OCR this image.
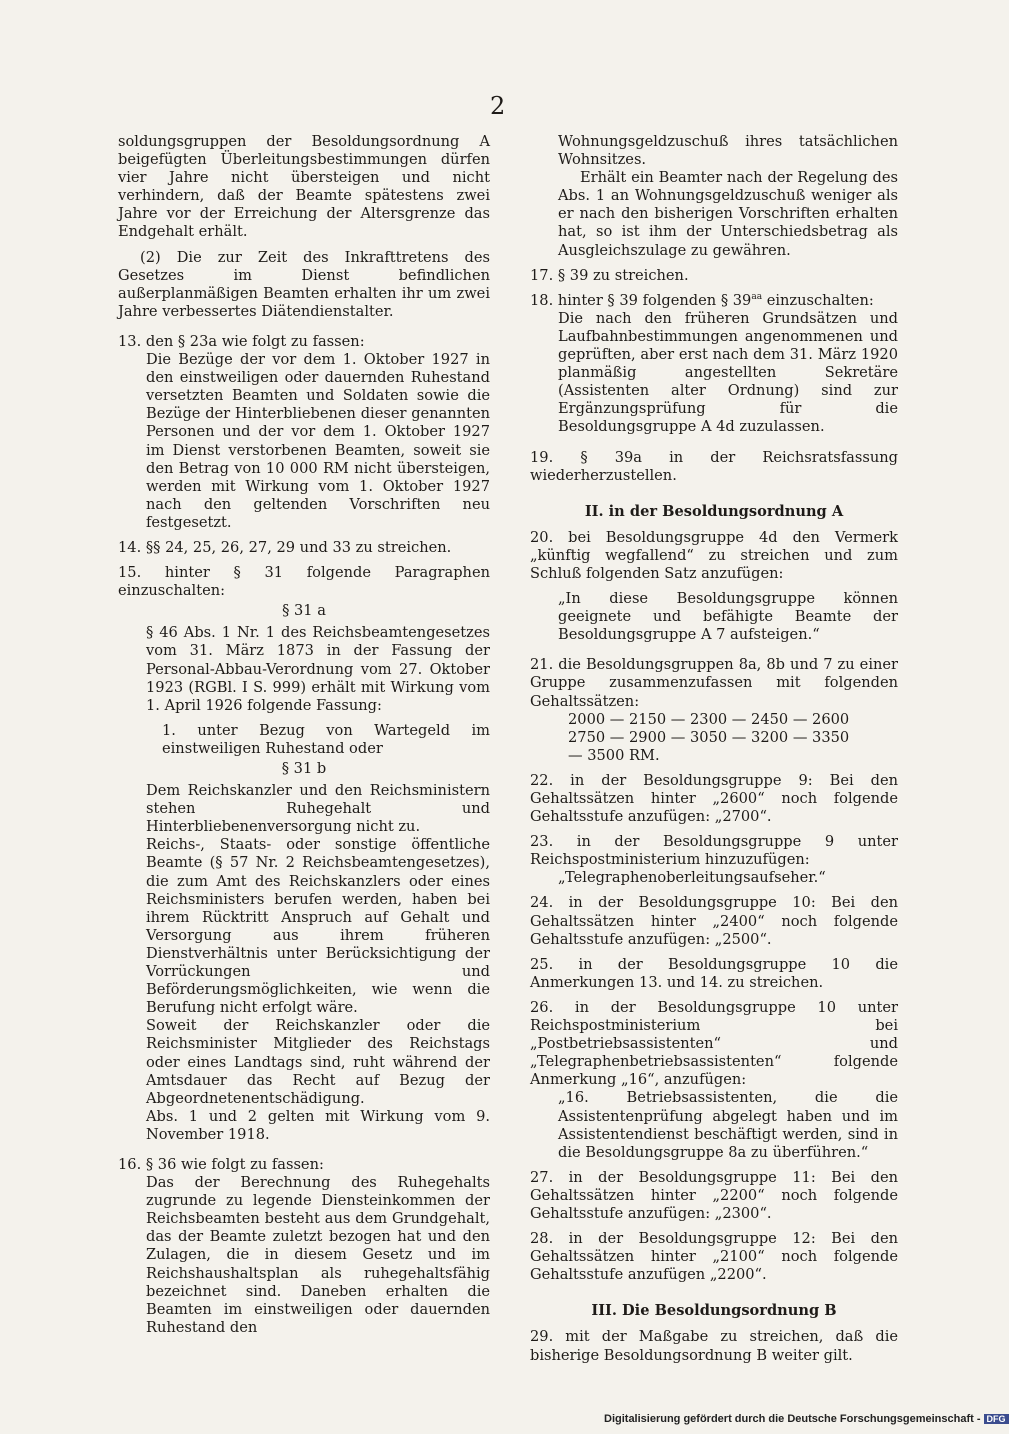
2
soldungsgruppen der Besoldungsordnung A beigefügten Überleitungsbestimmungen dürfen vier Jahre nicht übersteigen und nicht verhindern, daß der Beamte spätestens zwei Jahre vor der Erreichung der Altersgrenze das Endgehalt erhält.
(2) Die zur Zeit des Inkrafttretens des Gesetzes im Dienst befindlichen außerplanmäßigen Beamten erhalten ihr um zwei Jahre verbessertes Diätendienstalter.
13. den § 23a wie folgt zu fassen:
Die Bezüge der vor dem 1. Oktober 1927 in den einstweiligen oder dauernden Ruhestand versetzten Beamten und Soldaten sowie die Bezüge der Hinterbliebenen dieser genannten Personen und der vor dem 1. Oktober 1927 im Dienst verstorbenen Beamten, soweit sie den Betrag von 10 000 RM nicht übersteigen, werden mit Wirkung vom 1. Oktober 1927 nach den geltenden Vorschriften neu festgesetzt.
14. §§ 24, 25, 26, 27, 29 und 33 zu streichen.
15. hinter § 31 folgende Paragraphen einzuschalten:
§ 31 a
§ 46 Abs. 1 Nr. 1 des Reichsbeamtengesetzes vom 31. März 1873 in der Fassung der Personal-Abbau-Verordnung vom 27. Oktober 1923 (RGBl. I S. 999) erhält mit Wirkung vom 1. April 1926 folgende Fassung:
1. unter Bezug von Wartegeld im einstweiligen Ruhestand oder
§ 31 b
Dem Reichskanzler und den Reichsministern stehen Ruhegehalt und Hinterbliebenenversorgung nicht zu.
Reichs-, Staats- oder sonstige öffentliche Beamte (§ 57 Nr. 2 Reichsbeamtengesetzes), die zum Amt des Reichskanzlers oder eines Reichsministers berufen werden, haben bei ihrem Rücktritt Anspruch auf Gehalt und Versorgung aus ihrem früheren Dienstverhältnis unter Berücksichtigung der Vorrückungen und Beförderungsmöglichkeiten, wie wenn die Berufung nicht erfolgt wäre.
Soweit der Reichskanzler oder die Reichsminister Mitglieder des Reichstags oder eines Landtags sind, ruht während der Amtsdauer das Recht auf Bezug der Abgeordnetenentschädigung.
Abs. 1 und 2 gelten mit Wirkung vom 9. November 1918.
16. § 36 wie folgt zu fassen:
Das der Berechnung des Ruhegehalts zugrunde zu legende Diensteinkommen der Reichsbeamten besteht aus dem Grundgehalt, das der Beamte zuletzt bezogen hat und den Zulagen, die in diesem Gesetz und im Reichshaushaltsplan als ruhegehaltsfähig bezeichnet sind. Daneben erhalten die Beamten im einstweiligen oder dauernden Ruhestand den
Wohnungsgeldzuschuß ihres tatsächlichen Wohnsitzes.
Erhält ein Beamter nach der Regelung des Abs. 1 an Wohnungsgeldzuschuß weniger als er nach den bisherigen Vorschriften erhalten hat, so ist ihm der Unterschiedsbetrag als Ausgleichszulage zu gewähren.
17. § 39 zu streichen.
18. hinter § 39 folgenden § $39^{aa}$ einzuschalten:
Die nach den früheren Grundsätzen und Laufbahnbestimmungen angenommenen und geprüften, aber erst nach dem 31. März 1920 planmäßig angestellten Sekretäre (Assistenten alter Ordnung) sind zur Ergänzungsprüfung für die Besoldungsgruppe A 4d zuzulassen.
19. § 39a in der Reichsratsfassung wiederherzustellen.
II. in der Besoldungsordnung A
20. bei Besoldungsgruppe 4d den Vermerk „künftig wegfallend“ zu streichen und zum Schluß folgenden Satz anzufügen:
„In diese Besoldungsgruppe können geeignete und befähigte Beamte der Besoldungsgruppe A 7 aufsteigen.“
21. die Besoldungsgruppen 8a, 8b und 7 zu einer Gruppe zusammenzufassen mit folgenden Gehaltssätzen:
2000 — 2150 — 2300 — 2450 — 2600
2750 — 2900 — 3050 — 3200 — 3350
— 3500 RM.
22. in der Besoldungsgruppe 9: Bei den Gehaltssätzen hinter „2600“ noch folgende Gehaltsstufe anzufügen: „2700“.
23. in der Besoldungsgruppe 9 unter Reichspostministerium hinzuzufügen:
„Telegraphenoberleitungsaufseher.“
24. in der Besoldungsgruppe 10: Bei den Gehaltssätzen hinter „2400“ noch folgende Gehaltsstufe anzufügen: „2500“.
25. in der Besoldungsgruppe 10 die Anmerkungen 13. und 14. zu streichen.
26. in der Besoldungsgruppe 10 unter Reichspostministerium bei „Postbetriebsassistenten“ und „Telegraphenbetriebsassistenten“ folgende Anmerkung „16“, anzufügen:
„16. Betriebsassistenten, die die Assistentenprüfung abgelegt haben und im Assistentendienst beschäftigt werden, sind in die Besoldungsgruppe 8a zu überführen.“
27. in der Besoldungsgruppe 11: Bei den Gehaltssätzen hinter „2200“ noch folgende Gehaltsstufe anzufügen: „2300“.
28. in der Besoldungsgruppe 12: Bei den Gehaltssätzen hinter „2100“ noch folgende Gehaltsstufe anzufügen „2200“.
III. Die Besoldungsordnung B
29. mit der Maßgabe zu streichen, daß die bisherige Besoldungsordnung B weiter gilt.
Digitalisierung gefördert durch die Deutsche Forschungsgemeinschaft - DFG
